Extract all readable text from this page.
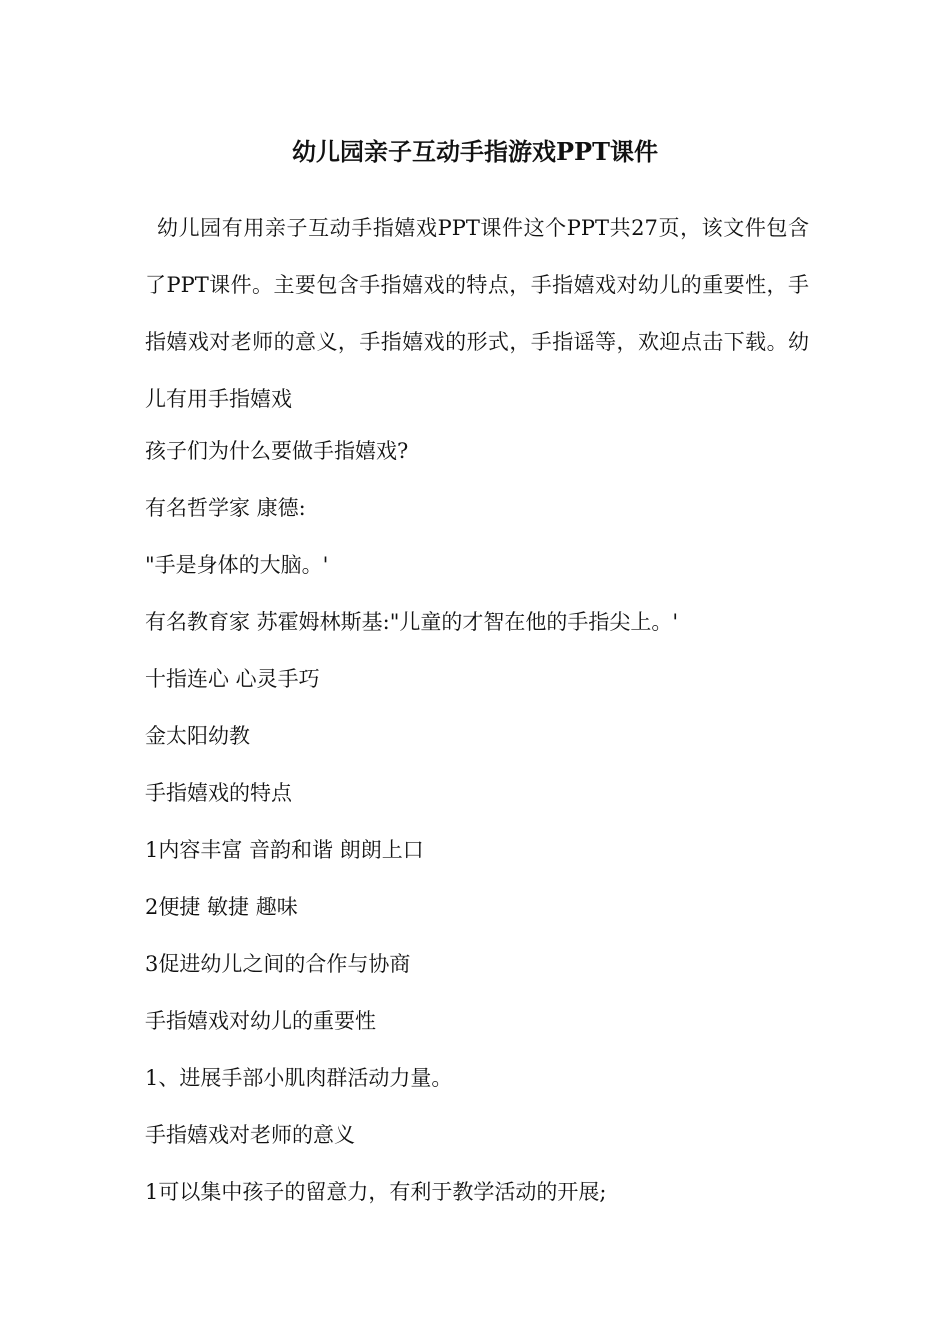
幼儿园亲子互动手指游戏PPT课件

幼儿园有用亲子互动手指嬉戏PPT课件这个PPT共27页，该文件包含了PPT课件。主要包含手指嬉戏的特点，手指嬉戏对幼儿的重要性，手指嬉戏对老师的意义，手指嬉戏的形式，手指谣等，欢迎点击下载。幼儿有用手指嬉戏

孩子们为什么要做手指嬉戏?

有名哲学家 康德:

"手是身体的大脑。'

有名教育家 苏霍姆林斯基:"儿童的才智在他的手指尖上。'

十指连心 心灵手巧

金太阳幼教

手指嬉戏的特点

1内容丰富 音韵和谐 朗朗上口

2便捷 敏捷 趣味

3促进幼儿之间的合作与协商

手指嬉戏对幼儿的重要性

1、进展手部小肌肉群活动力量。

手指嬉戏对老师的意义

1可以集中孩子的留意力，有利于教学活动的开展;
